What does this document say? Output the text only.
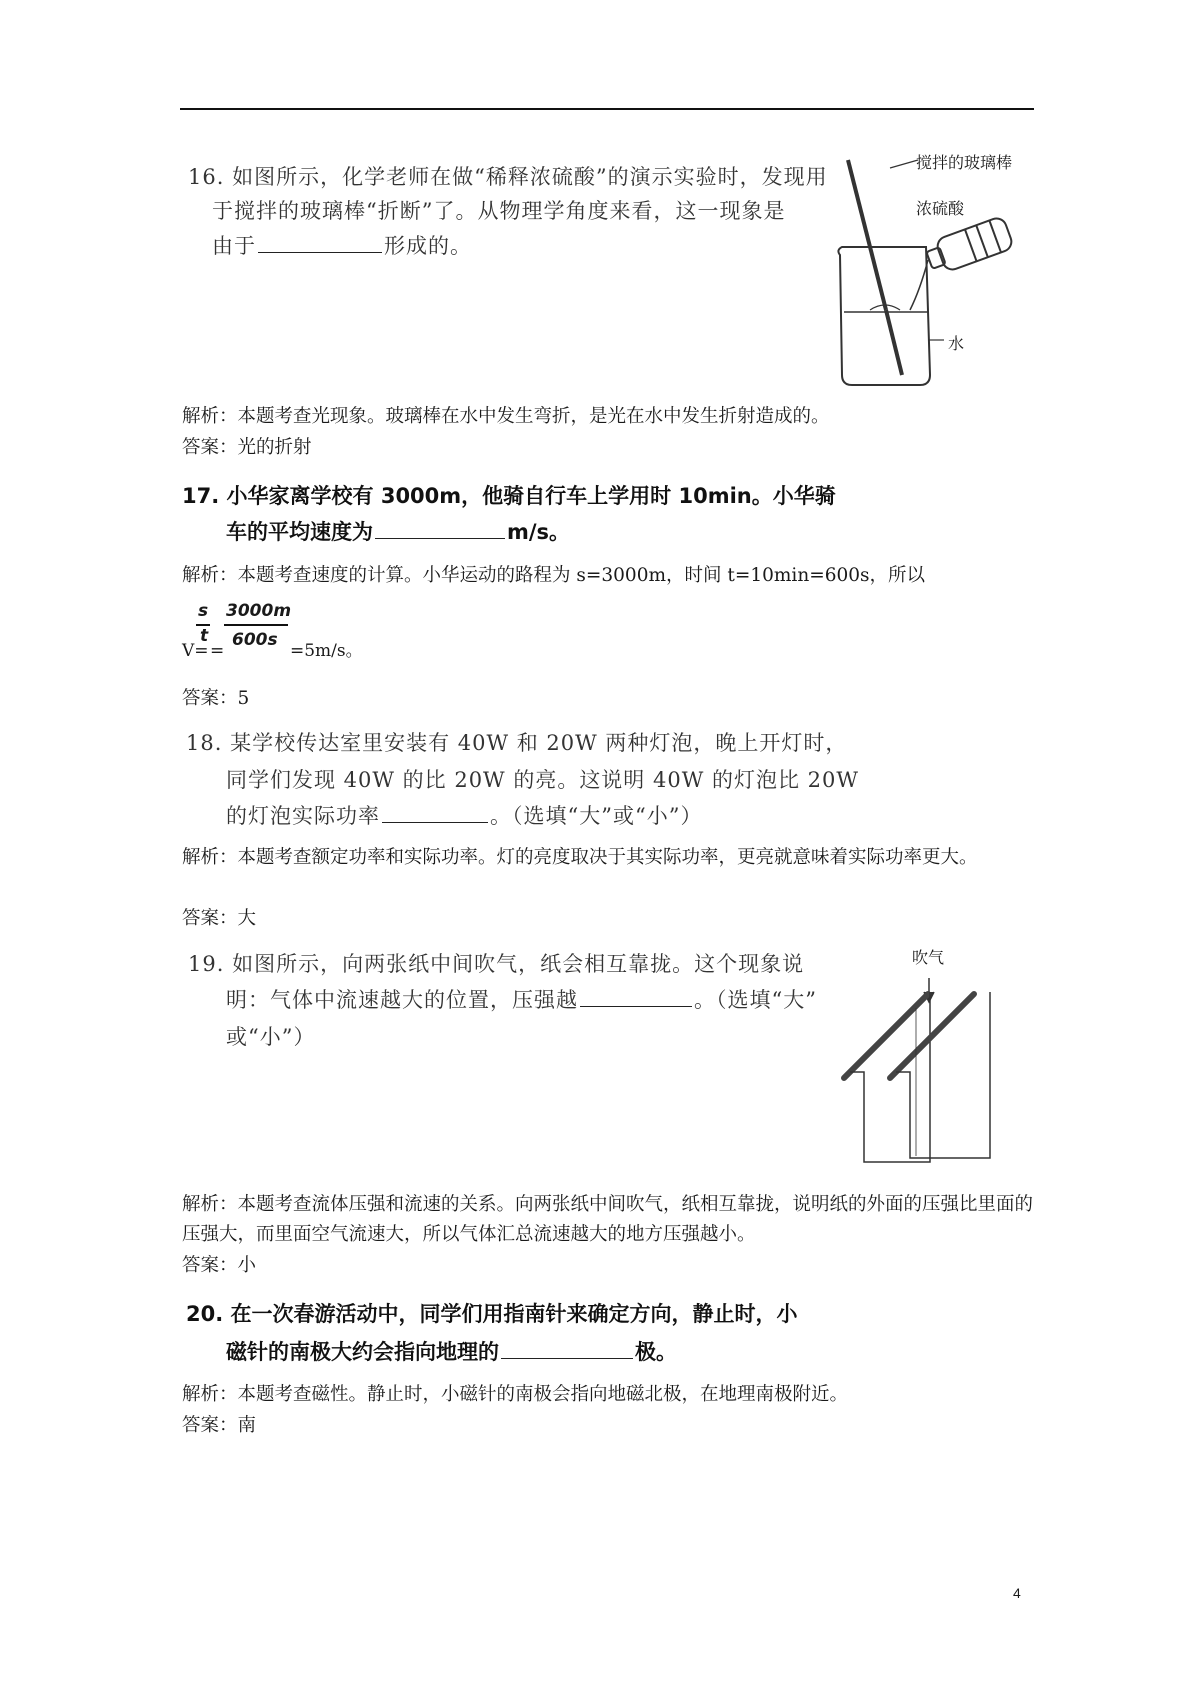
16. 如图所示，化学老师在做“稀释浓硫酸”的演示实验时，发现用
于搅拌的玻璃棒“折断”了。从物理学角度来看，这一现象是
由于	形成的。
搅拌的玻璃棒
浓硫酸
水
解析：本题考查光现象。玻璃棒在水中发生弯折，是光在水中发生折射造成的。
答案：光的折射
17. 小华家离学校有 3000m，他骑自行车上学用时 10min。小华骑
车的平均速度为	m/s。
解析：本题考查速度的计算。小华运动的路程为 s=3000m，时间 t=10min=600s，所以
s
t
3000m
600s
V= =	=5m/s。
答案：5
18. 某学校传达室里安装有 40W 和 20W 两种灯泡，晚上开灯时，
同学们发现 40W 的比 20W 的亮。这说明 40W 的灯泡比 20W
的灯泡实际功率	。（选填“大”或“小”）
解析：本题考查额定功率和实际功率。灯的亮度取决于其实际功率，更亮就意味着实际功率更大。
答案：大
19. 如图所示，向两张纸中间吹气，纸会相互靠拢。这个现象说
明：气体中流速越大的位置，压强越	。（选填“大”
或“小”）
吹气
解析：本题考查流体压强和流速的关系。向两张纸中间吹气，纸相互靠拢，说明纸的外面的压强比里面的压强大，而里面空气流速大，所以气体汇总流速越大的地方压强越小。
答案：小
20. 在一次春游活动中，同学们用指南针来确定方向，静止时，小
磁针的南极大约会指向地理的	极。
解析：本题考查磁性。静止时，小磁针的南极会指向地磁北极，在地理南极附近。
答案：南
4
